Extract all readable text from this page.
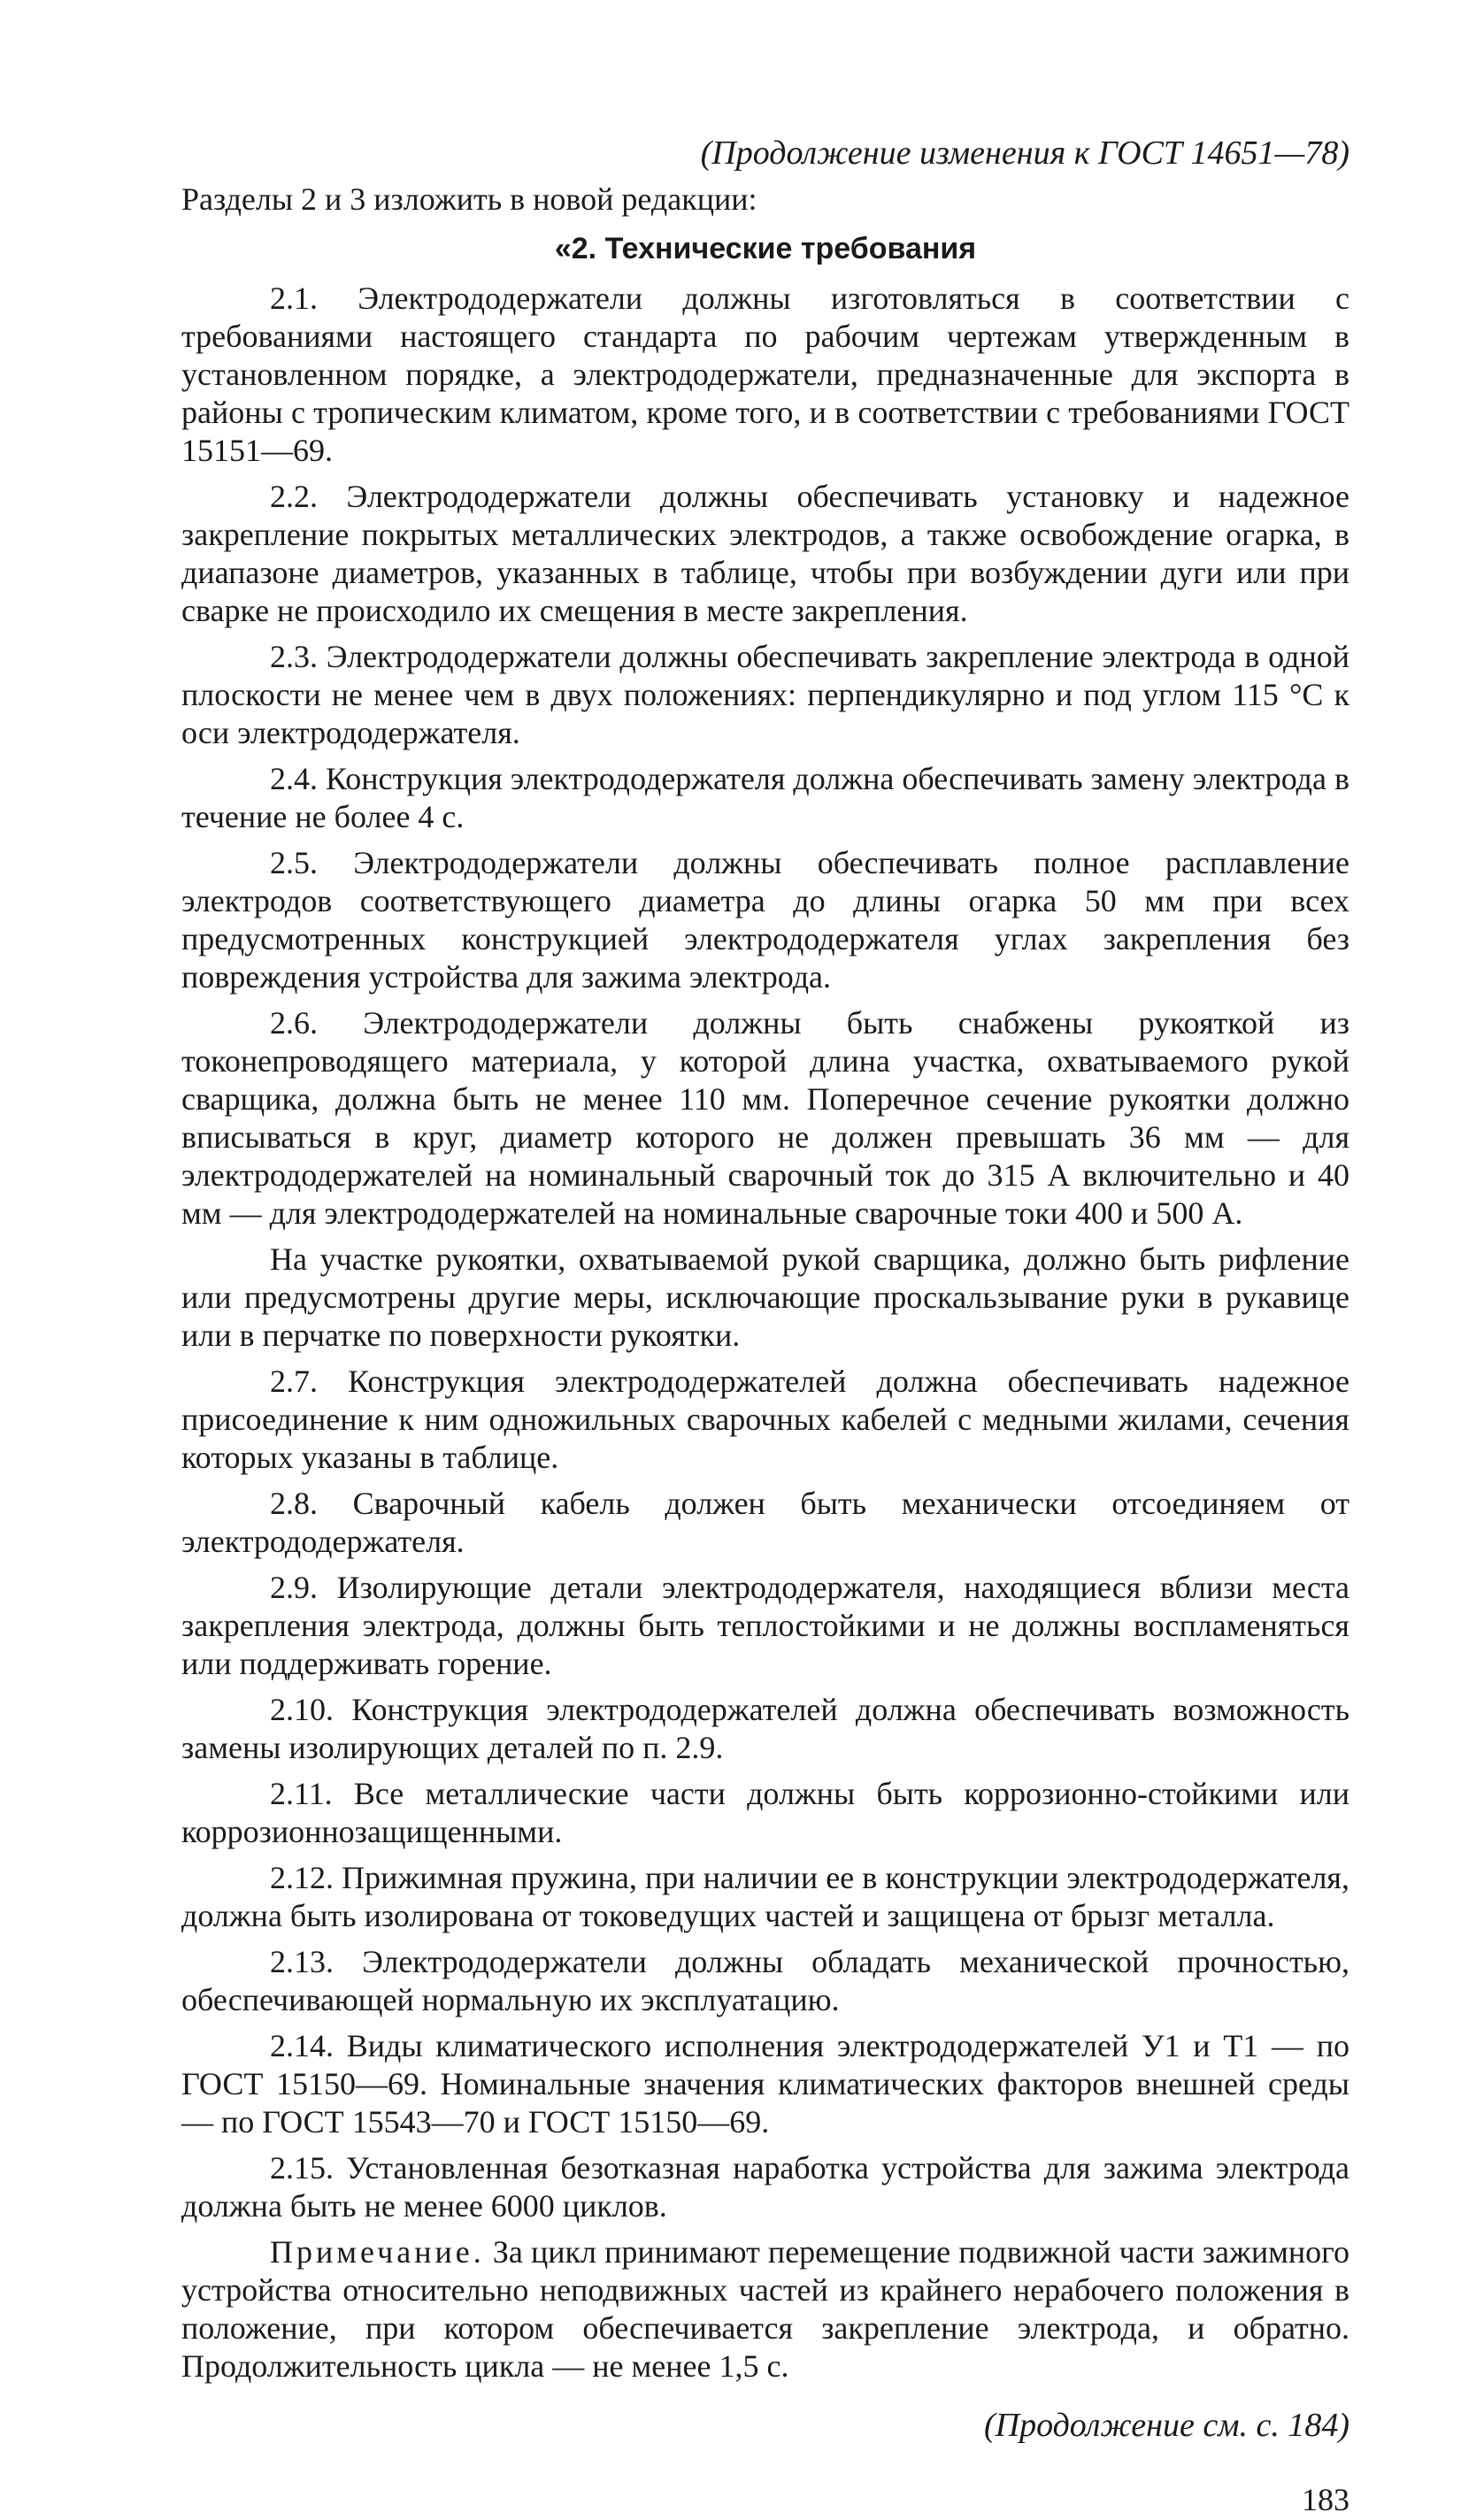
(Продолжение изменения к ГОСТ 14651—78)
Разделы 2 и 3 изложить в новой редакции:
«2. Технические требования

2.1. Электрододержатели должны изготовляться в соответствии с требованиями настоящего стандарта по рабочим чертежам утвержденным в установленном порядке, а электрододержатели, предназначенные для экспорта в районы с тропическим климатом, кроме того, и в соответствии с требованиями ГОСТ 15151—69.

2.2. Электрододержатели должны обеспечивать установку и надежное закрепление покрытых металлических электродов, а также освобождение огарка, в диапазоне диаметров, указанных в таблице, чтобы при возбуждении дуги или при сварке не происходило их смещения в месте закрепления.

2.3. Электрододержатели должны обеспечивать закрепление электрода в одной плоскости не менее чем в двух положениях: перпендикулярно и под углом 115 °С к оси электрододержателя.

2.4. Конструкция электрододержателя должна обеспечивать замену электрода в течение не более 4 с.

2.5. Электрододержатели должны обеспечивать полное расплавление электродов соответствующего диаметра до длины огарка 50 мм при всех предусмотренных конструкцией электрододержателя углах закрепления без повреждения устройства для зажима электрода.

2.6. Электрододержатели должны быть снабжены рукояткой из токонепроводящего материала, у которой длина участка, охватываемого рукой сварщика, должна быть не менее 110 мм. Поперечное сечение рукоятки должно вписываться в круг, диаметр которого не должен превышать 36 мм — для электрододержателей на номинальный сварочный ток до 315 А включительно и 40 мм — для электрододержателей на номинальные сварочные токи 400 и 500 А.

На участке рукоятки, охватываемой рукой сварщика, должно быть рифление или предусмотрены другие меры, исключающие проскальзывание руки в рукавице или в перчатке по поверхности рукоятки.

2.7. Конструкция электрододержателей должна обеспечивать надежное присоединение к ним одножильных сварочных кабелей с медными жилами, сечения которых указаны в таблице.

2.8. Сварочный кабель должен быть механически отсоединяем от электрододержателя.

2.9. Изолирующие детали электрододержателя, находящиеся вблизи места закрепления электрода, должны быть теплостойкими и не должны воспламеняться или поддерживать горение.

2.10. Конструкция электрододержателей должна обеспечивать возможность замены изолирующих деталей по п. 2.9.

2.11. Все металлические части должны быть коррозионно-стойкими или коррозионнозащищенными.

2.12. Прижимная пружина, при наличии ее в конструкции электрододержателя, должна быть изолирована от токоведущих частей и защищена от брызг металла.

2.13. Электрододержатели должны обладать механической прочностью, обеспечивающей нормальную их эксплуатацию.

2.14. Виды климатического исполнения электрододержателей У1 и Т1 — по ГОСТ 15150—69. Номинальные значения климатических факторов внешней среды — по ГОСТ 15543—70 и ГОСТ 15150—69.

2.15. Установленная безотказная наработка устройства для зажима электрода должна быть не менее 6000 циклов.

Примечание. За цикл принимают перемещение подвижной части зажимного устройства относительно неподвижных частей из крайнего нерабочего положения в положение, при котором обеспечивается закрепление электрода, и обратно. Продолжительность цикла — не менее 1,5 с.

(Продолжение см. с. 184)
183
